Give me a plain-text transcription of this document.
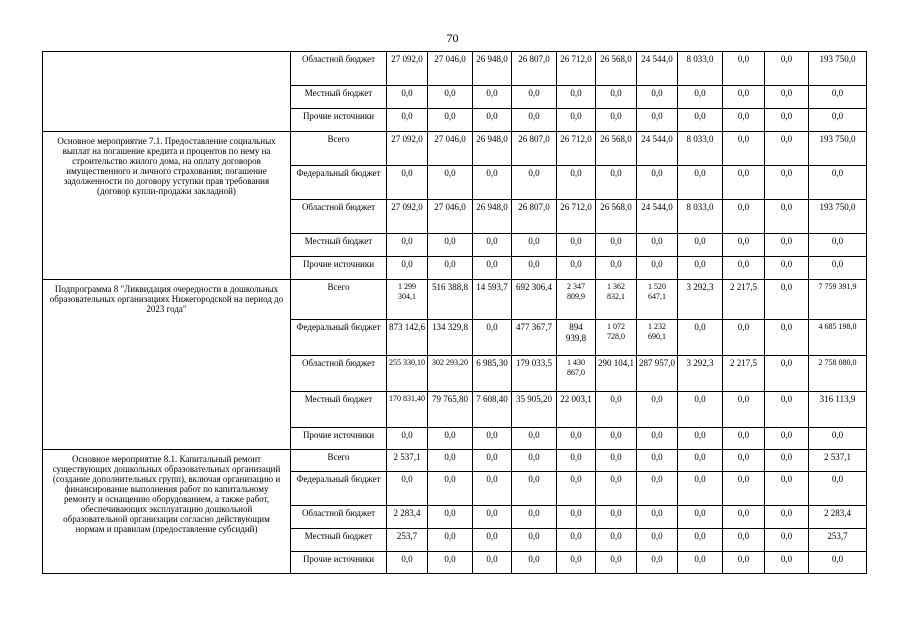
70
	Областной бюджет	27 092,0	27 046,0	26 948,0	26 807,0	26 712,0	26 568,0	24 544,0	8 033,0	0,0	0,0	193 750,0
	Местный бюджет	0,0	0,0	0,0	0,0	0,0	0,0	0,0	0,0	0,0	0,0	0,0
	Прочие источники	0,0	0,0	0,0	0,0	0,0	0,0	0,0	0,0	0,0	0,0	0,0
Основное мероприятие 7.1. Предоставление социальных выплат на погашение кредита и процентов по нему на строительство жилого дома, на оплату договоров имущественного и личного страхования; погашение задолженности по договору уступки прав требования (договор купли-продажи закладной)	Всего	27 092,0	27 046,0	26 948,0	26 807,0	26 712,0	26 568,0	24 544,0	8 033,0	0,0	0,0	193 750,0
	Федеральный бюджет	0,0	0,0	0,0	0,0	0,0	0,0	0,0	0,0	0,0	0,0	0,0
	Областной бюджет	27 092,0	27 046,0	26 948,0	26 807,0	26 712,0	26 568,0	24 544,0	8 033,0	0,0	0,0	193 750,0
	Местный бюджет	0,0	0,0	0,0	0,0	0,0	0,0	0,0	0,0	0,0	0,0	0,0
	Прочие источники	0,0	0,0	0,0	0,0	0,0	0,0	0,0	0,0	0,0	0,0	0,0
Подпрограмма 8 "Ликвидация очередности в дошкольных образовательных организациях Нижегородской на период до 2023 года"	Всего	1 299 304,1	516 388,8	14 593,7	692 306,4	2 347 809,9	1 362 832,1	1 520 647,1	3 292,3	2 217,5	0,0	7 759 391,9
	Федеральный бюджет	873 142,6	134 329,8	0,0	477 367,7	894 939,8	1 072 728,0	1 232 690,1	0,0	0,0	0,0	4 685 198,0
	Областной бюджет	255 330,10	302 293,20	6 985,30	179 033,5	1 430 867,0	290 104,1	287 957,0	3 292,3	2 217,5	0,0	2 758 080,0
	Местный бюджет	170 831,40	79 765,80	7 608,40	35 905,20	22 003,1	0,0	0,0	0,0	0,0	0,0	316 113,9
	Прочие источники	0,0	0,0	0,0	0,0	0,0	0,0	0,0	0,0	0,0	0,0	0,0
Основное мероприятие 8.1. Капитальный ремонт существующих дошкольных образовательных организаций (создание дополнительных групп), включая организацию и финансирование выполнения работ по капитальному ремонту и оснащению оборудованием, а также работ, обеспечивающих эксплуатацию дошкольной образовательной организации согласно действующим нормам и правилам (предоставление субсидий)	Всего	2 537,1	0,0	0,0	0,0	0,0	0,0	0,0	0,0	0,0	0,0	2 537,1
	Федеральный бюджет	0,0	0,0	0,0	0,0	0,0	0,0	0,0	0,0	0,0	0,0	0,0
	Областной бюджет	2 283,4	0,0	0,0	0,0	0,0	0,0	0,0	0,0	0,0	0,0	2 283,4
	Местный бюджет	253,7	0,0	0,0	0,0	0,0	0,0	0,0	0,0	0,0	0,0	253,7
	Прочие источники	0,0	0,0	0,0	0,0	0,0	0,0	0,0	0,0	0,0	0,0	0,0
